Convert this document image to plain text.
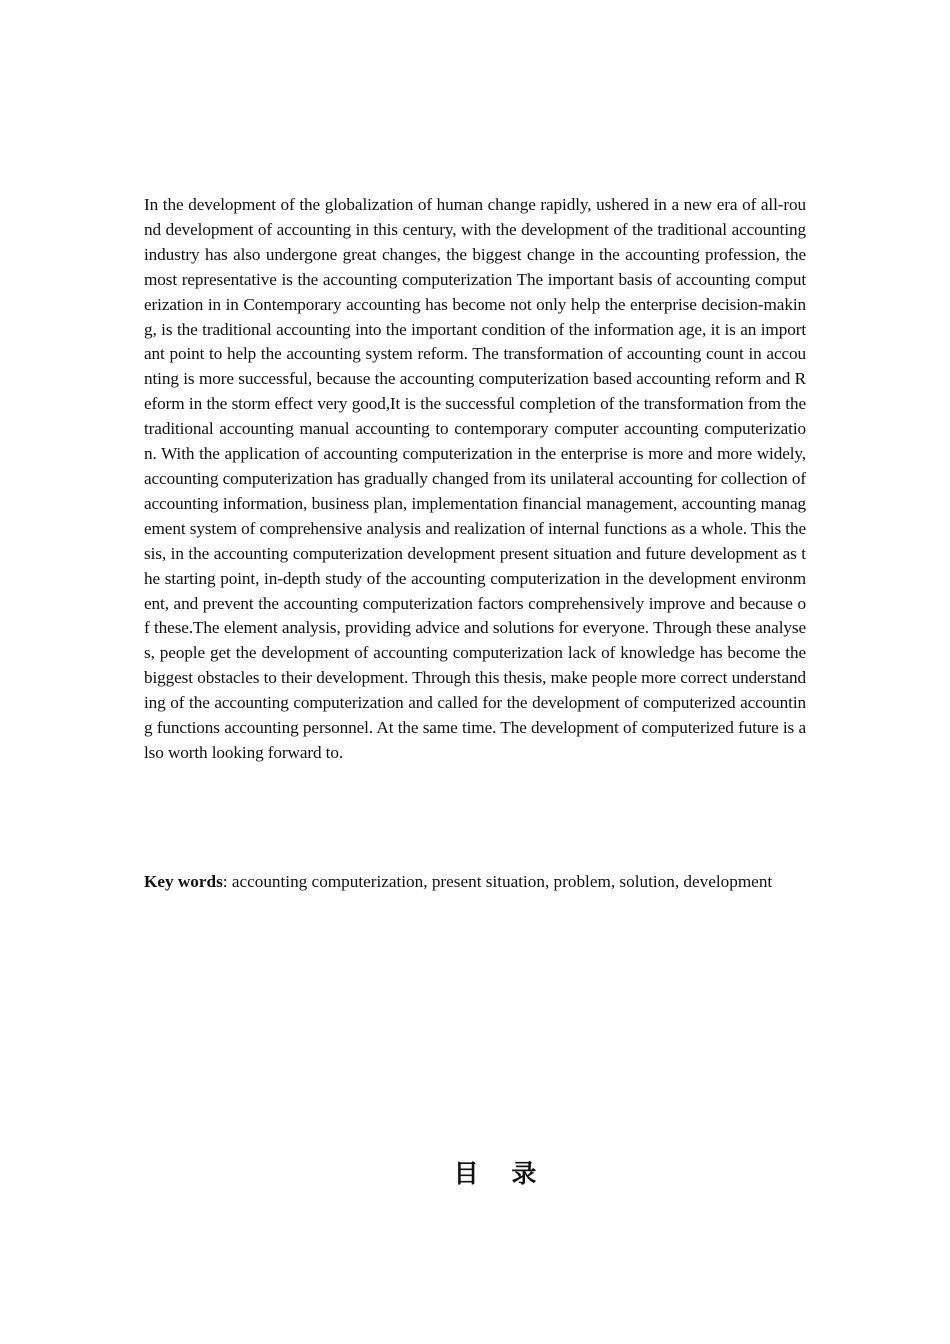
In the development of the globalization of human change rapidly, ushered in a new era of all-round development of accounting in this century, with the development of the traditional accounting industry has also undergone great changes, the biggest change in the accounting profession, the most representative is the accounting computerization The important basis of accounting computerization in in Contemporary accounting has become not only help the enterprise decision-making, is the traditional accounting into the important condition of the information age, it is an important point to help the accounting system reform. The transformation of accounting count in accounting is more successful, because the accounting computerization based accounting reform and Reform in the storm effect very good,It is the successful completion of the transformation from the traditional accounting manual accounting to contemporary computer accounting computerization. With the application of accounting computerization in the enterprise is more and more widely, accounting computerization has gradually changed from its unilateral accounting for collection of accounting information, business plan, implementation financial management, accounting management system of comprehensive analysis and realization of internal functions as a whole. This thesis, in the accounting computerization development present situation and future development as the starting point, in-depth study of the accounting computerization in the development environment, and prevent the accounting computerization factors comprehensively improve and because of these.The element analysis, providing advice and solutions for everyone. Through these analyses, people get the development of accounting computerization lack of knowledge has become the biggest obstacles to their development. Through this thesis, make people more correct understanding of the accounting computerization and called for the development of computerized accounting functions accounting personnel. At the same time. The development of computerized future is also worth looking forward to.

Key words: accounting computerization, present situation, problem, solution, development

目 录
